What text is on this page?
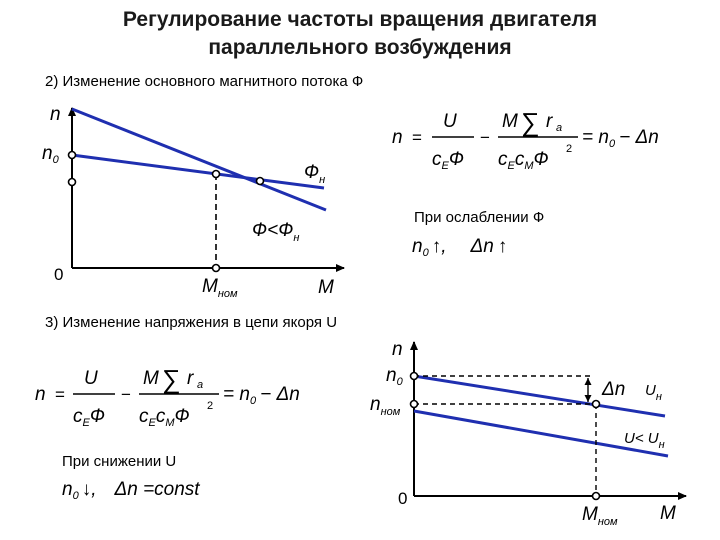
Регулирование частоты вращения двигателя
параллельного возбуждения
2) Изменение основного магнитного потока Ф
n
M
0
$n_0$
$Ф_н$
$Ф<Ф_н$
$M_{ном}$
n =
U
$c_EФ$
−
M ∑ r a
$c_Ec_MФ$ 2
= $n_0 - \Delta n$
При ослаблении Ф
$n_0$ ↑, Δn ↑
3) Изменение напряжения в цепи якоря U
n =
U
$c_EФ$
−
M ∑ r a
$c_Ec_MФ$ 2
= $n_0 - \Delta n$
При снижении U
$n_0$ ↓, Δn =const
n
M
0
$n_0$
$n_{ном}$
Δn $U_н$
$U< U_н$
$M_{ном}$
